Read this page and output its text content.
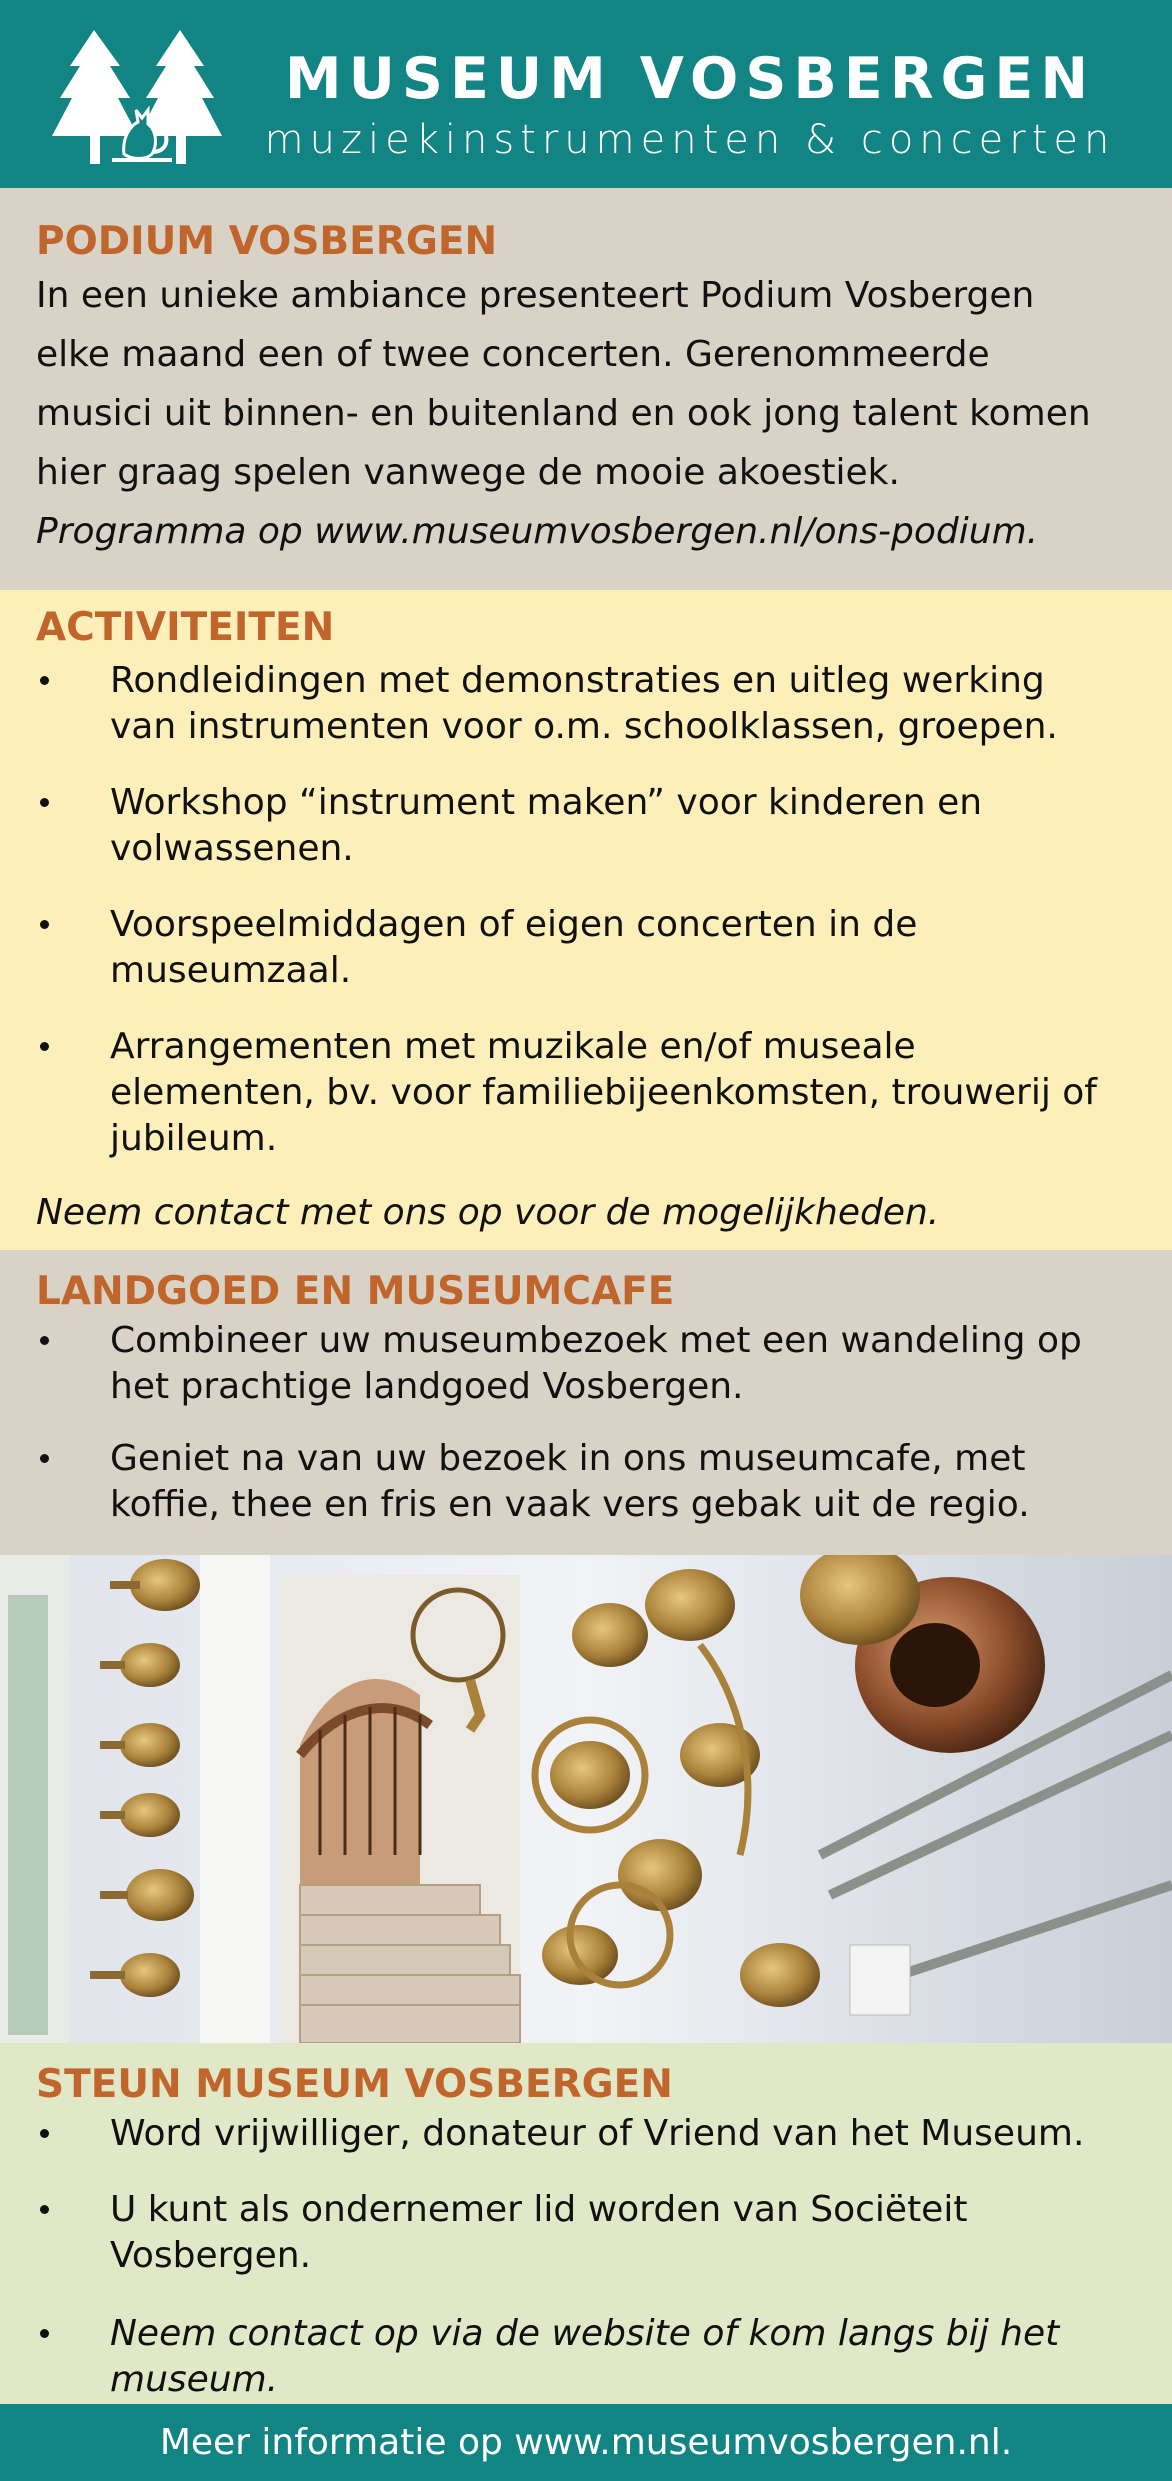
MUSEUM VOSBERGEN
muziekinstrumenten & concerten
PODIUM VOSBERGEN

In een unieke ambiance presenteert Podium Vosbergen

elke maand een of twee concerten. Gerenommeerde

musici uit binnen- en buitenland en ook jong talent komen

hier graag spelen vanwege de mooie akoestiek.

Programma op www.museumvosbergen.nl/ons-podium.

ACTIVITEITEN
Rondleidingen met demonstraties en uitleg werking
van instrumenten voor o.m. schoolklassen, groepen.
Workshop “instrument maken” voor kinderen en
volwassenen.
Voorspeelmiddagen of eigen concerten in de
museumzaal.
Arrangementen met muzikale en/of museale
elementen, bv. voor familiebijeenkomsten, trouwerij of
jubileum.

Neem contact met ons op voor de mogelijkheden.

LANDGOED EN MUSEUMCAFE
Combineer uw museumbezoek met een wandeling op
het prachtige landgoed Vosbergen.
Geniet na van uw bezoek in ons museumcafe, met
koffie, thee en fris en vaak vers gebak uit de regio.
STEUN MUSEUM VOSBERGEN
Word vrijwilliger, donateur of Vriend van het Museum.
U kunt als ondernemer lid worden van Sociëteit
Vosbergen.
Neem contact op via de website of kom langs bij het
museum.
Meer informatie op www.museumvosbergen.nl.
